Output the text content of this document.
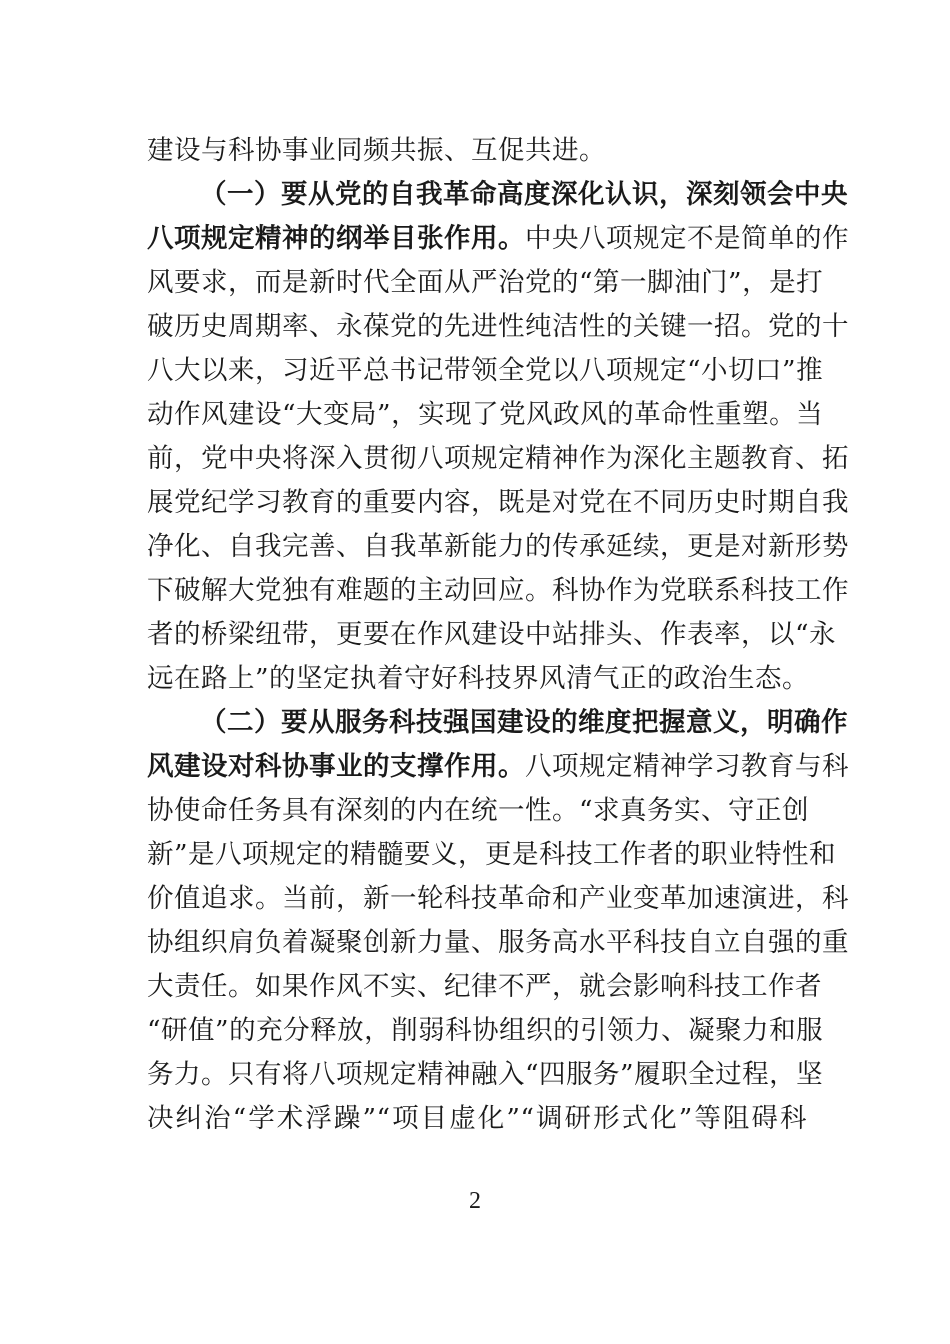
建设与科协事业同频共振、互促共进。
（一）要从党的自我革命高度深化认识，深刻领会中央
八项规定精神的纲举目张作用。中央八项规定不是简单的作
风要求，而是新时代全面从严治党的“第一脚油门”，是打
破历史周期率、永葆党的先进性纯洁性的关键一招。党的十
八大以来，习近平总书记带领全党以八项规定“小切口”推
动作风建设“大变局”，实现了党风政风的革命性重塑。当
前，党中央将深入贯彻八项规定精神作为深化主题教育、拓
展党纪学习教育的重要内容，既是对党在不同历史时期自我
净化、自我完善、自我革新能力的传承延续，更是对新形势
下破解大党独有难题的主动回应。科协作为党联系科技工作
者的桥梁纽带，更要在作风建设中站排头、作表率，以“永
远在路上”的坚定执着守好科技界风清气正的政治生态。
（二）要从服务科技强国建设的维度把握意义，明确作
风建设对科协事业的支撑作用。八项规定精神学习教育与科
协使命任务具有深刻的内在统一性。“求真务实、守正创
新”是八项规定的精髓要义，更是科技工作者的职业特性和
价值追求。当前，新一轮科技革命和产业变革加速演进，科
协组织肩负着凝聚创新力量、服务高水平科技自立自强的重
大责任。如果作风不实、纪律不严，就会影响科技工作者
“研值”的充分释放，削弱科协组织的引领力、凝聚力和服
务力。只有将八项规定精神融入“四服务”履职全过程，坚
决纠治“学术浮躁”“项目虚化”“调研形式化”等阻碍科
2
